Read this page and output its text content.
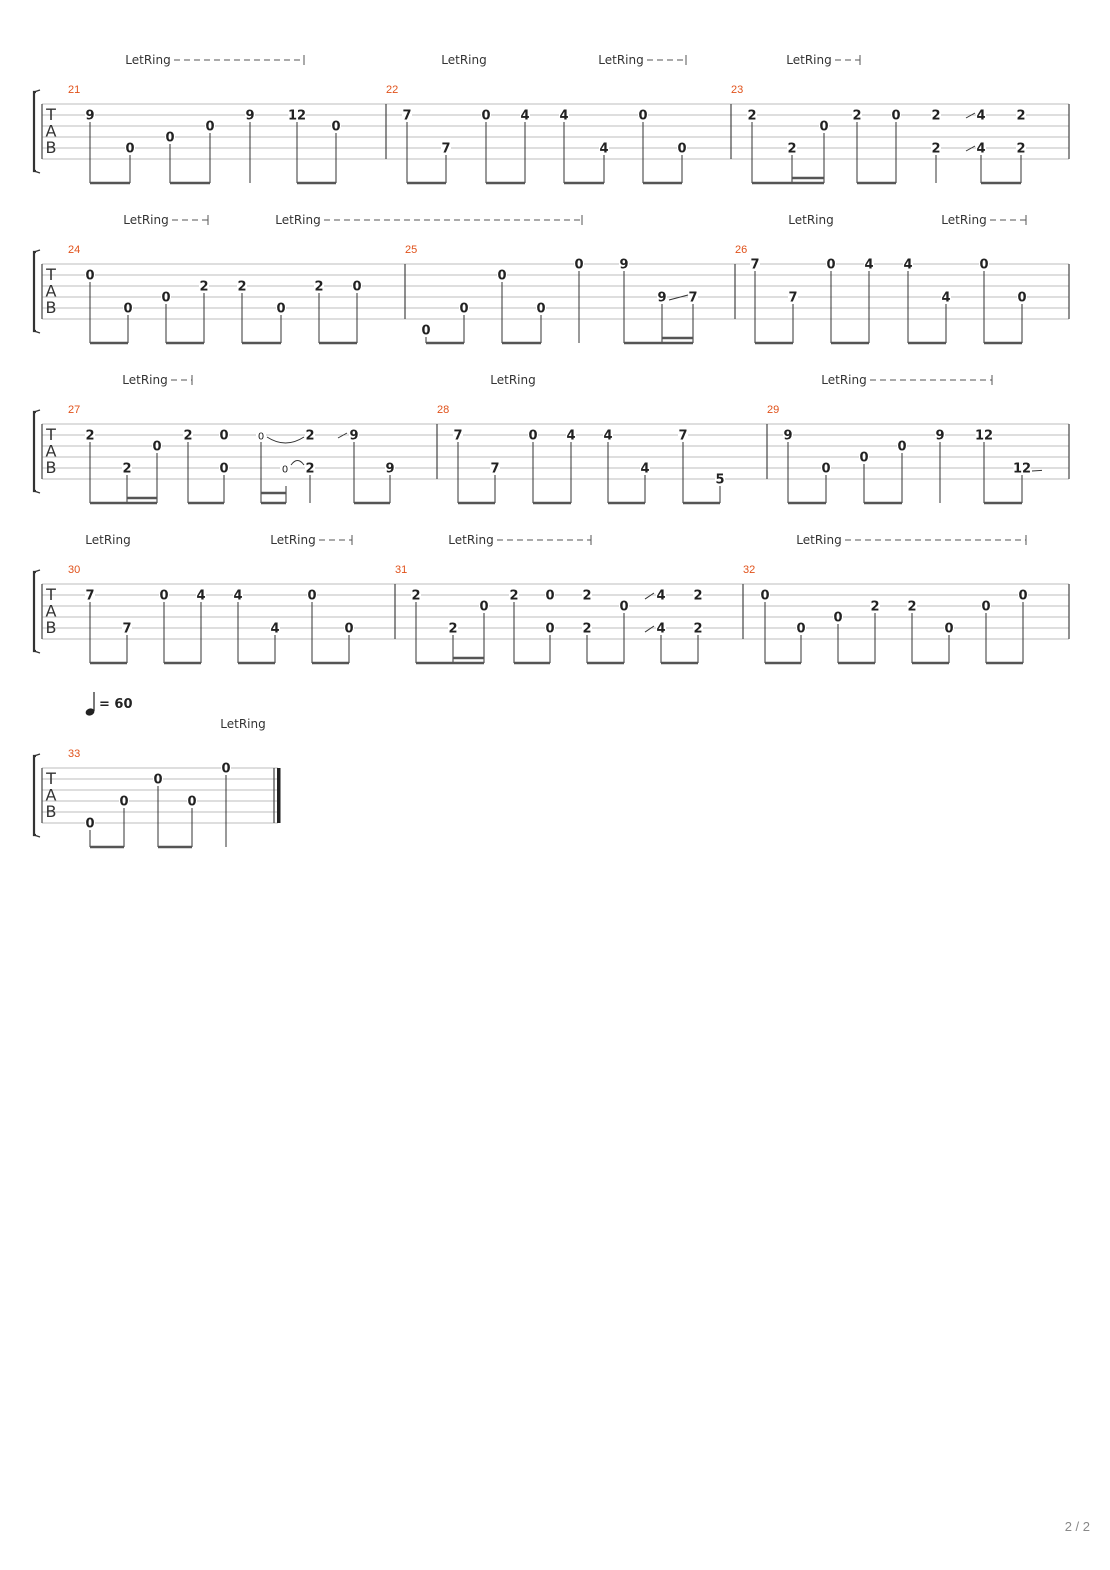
T
A
B
LetRing	LetRing	LetRing	LetRing
21
9
0
0
0
9	12
0
22
7
7
0 4 4
4
0
0
23
2
2
0
2 0 2
2
4
4
2
2
T
A
B
LetRing	LetRing	LetRing	LetRing
24
0
0
0
2 2
0
2 0
25
0
0
0
0
0	9
9 7
26
7
7
0 4 4
4
0
0
T
A
B
LetRing	LetRing	LetRing
27
2
2
0
2 0
0
0
0
2
2
9
9
28
7
7
0 4 4
4
7
5
29
9
0
0
0
9 12
12
T
A
B
LetRing	LetRing	LetRing	LetRing
30
7
7
0 4 4
4
0
0
31
2
2
0
2 0
0
2
2
0
4
4
2
2
32
0
0
0
2 2
0
0
0
T
A
B
LetRing
= 60
33
0
0
0
0
0
2 / 2
